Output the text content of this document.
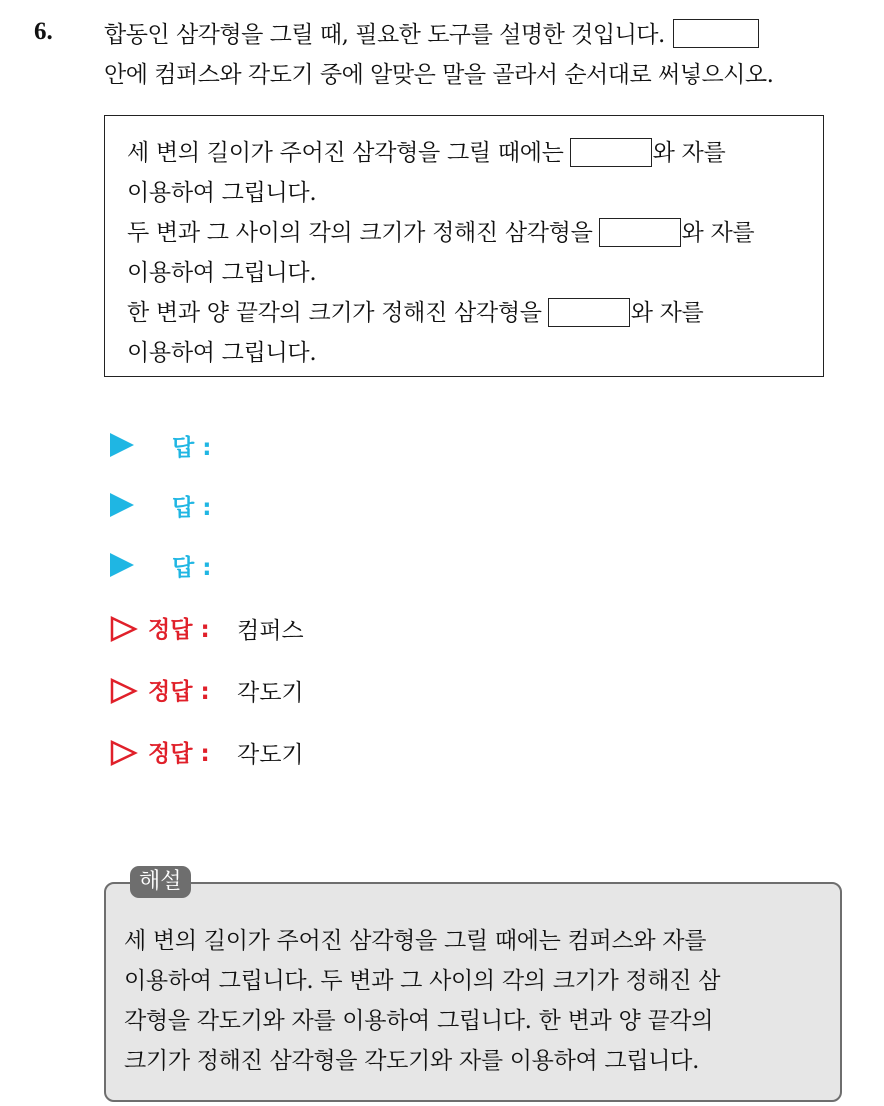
6. 합동인 삼각형을 그릴 때, 필요한 도구를 설명한 것입니다.
안에 컴퍼스와 각도기 중에 알맞은 말을 골라서 순서대로 써넣으시오.
세 변의 길이가 주어진 삼각형을 그릴 때에는	와 자를
이용하여 그립니다.
두 변과 그 사이의 각의 크기가 정해진 삼각형을	와 자를
이용하여 그립니다.
한 변과 양 끝각의 크기가 정해진 삼각형을	와 자를
이용하여 그립니다.
답 :
답 :
답 :
정답 : 컴퍼스
정답 : 각도기
정답 : 각도기
세 변의 길이가 주어진 삼각형을 그릴 때에는 컴퍼스와 자를
이용하여 그립니다. 두 변과 그 사이의 각의 크기가 정해진 삼
각형을 각도기와 자를 이용하여 그립니다. 한 변과 양 끝각의
크기가 정해진 삼각형을 각도기와 자를 이용하여 그립니다.
해설
